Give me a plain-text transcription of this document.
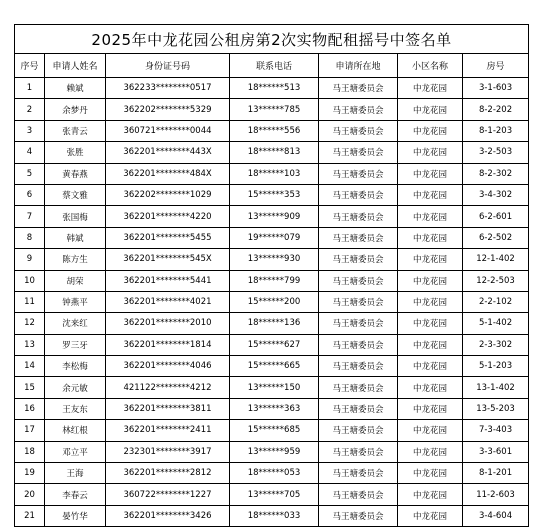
2025年中龙花园公租房第2次实物配租摇号中签名单						
序号	申请人姓名	身份证号码	联系电话	申请所在地	小区名称	房号
1	赖斌	362233********0517	18******513	马王塘委员会	中龙花园	3-1-603
2	余梦丹	362202********5329	13******785	马王塘委员会	中龙花园	8-2-202
3	张青云	360721********0044	18******556	马王塘委员会	中龙花园	8-1-203
4	张胜	362201********443X	18******813	马王塘委员会	中龙花园	3-2-503
5	黄春燕	362201********484X	18******103	马王塘委员会	中龙花园	8-2-302
6	蔡文雅	362202********1029	15******353	马王塘委员会	中龙花园	3-4-302
7	张国梅	362201********4220	13******909	马王塘委员会	中龙花园	6-2-601
8	韩斌	362201********5455	19******079	马王塘委员会	中龙花园	6-2-502
9	陈方生	362201********545X	13******930	马王塘委员会	中龙花园	12-1-402
10	胡荣	362201********5441	18******799	马王塘委员会	中龙花园	12-2-503
11	钟燕平	362201********4021	15******200	马王塘委员会	中龙花园	2-2-102
12	沈来红	362201********2010	18******136	马王塘委员会	中龙花园	5-1-402
13	罗三牙	362201********1814	15******627	马王塘委员会	中龙花园	2-3-302
14	李松梅	362201********4046	15******665	马王塘委员会	中龙花园	5-1-203
15	余元敏	421122********4212	13******150	马王塘委员会	中龙花园	13-1-402
16	王友东	362201********3811	13******363	马王塘委员会	中龙花园	13-5-203
17	林红根	362201********2411	15******685	马王塘委员会	中龙花园	7-3-403
18	邓立平	232301********3917	13******959	马王塘委员会	中龙花园	3-3-601
19	王海	362201********2812	18******053	马王塘委员会	中龙花园	8-1-201
20	李春云	360722********1227	13******705	马王塘委员会	中龙花园	11-2-603
21	晏竹华	362201********3426	18******033	马王塘委员会	中龙花园	3-4-604
